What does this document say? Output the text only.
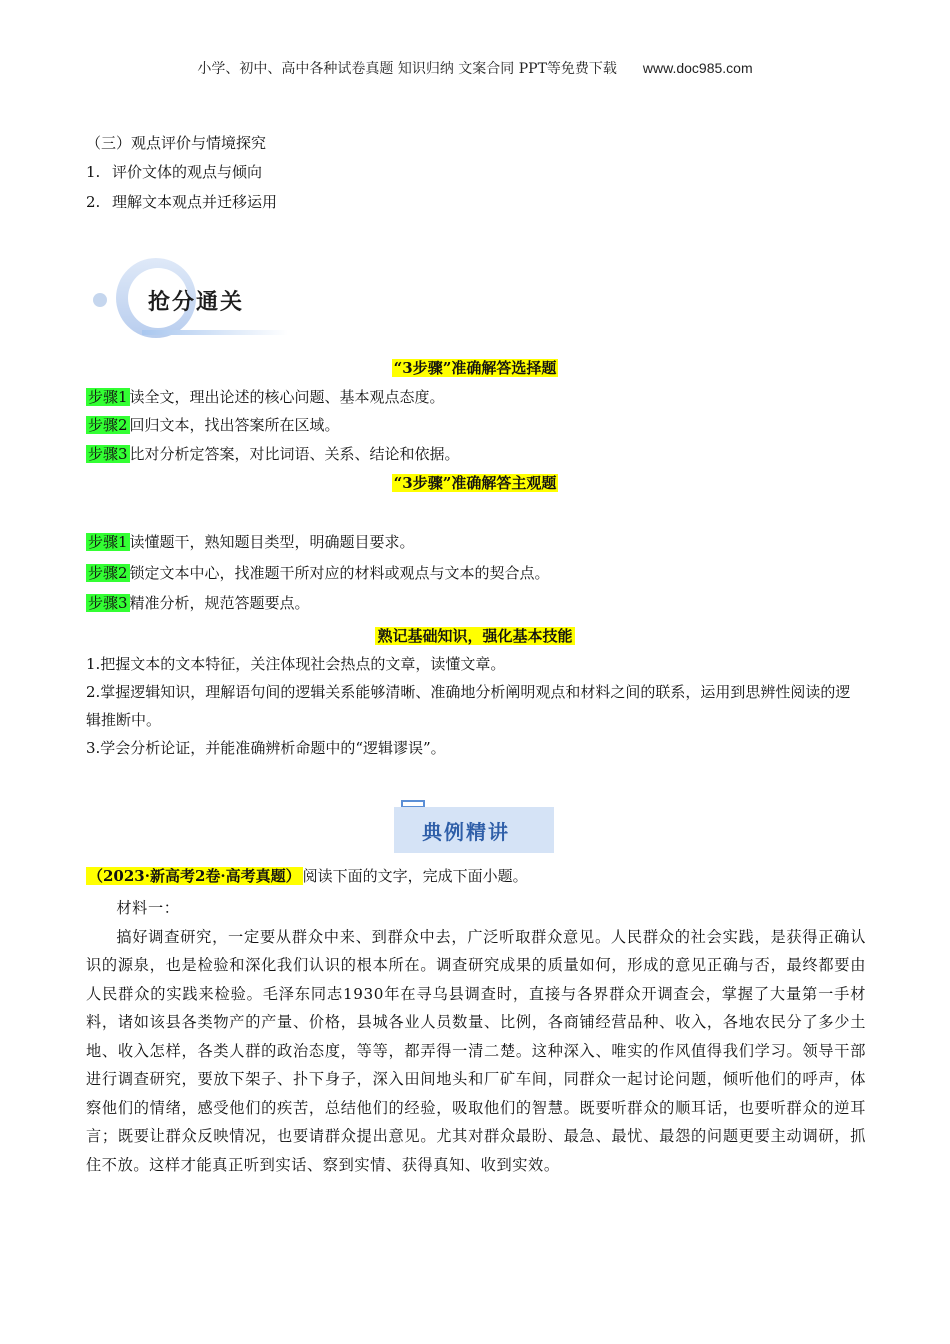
小学、初中、高中各种试卷真题 知识归纳 文案合同 PPT等免费下载 www.doc985.com
（三）观点评价与情境探究
1. 评价文体的观点与倾向
2. 理解文本观点并迁移运用
抢分通关
“3步骤”准确解答选择题
步骤1 读全文，理出论述的核心问题、基本观点态度。
步骤2 回归文本，找出答案所在区域。
步骤3 比对分析定答案，对比词语、关系、结论和依据。
“3步骤”准确解答主观题
步骤1 读懂题干，熟知题目类型，明确题目要求。
步骤2 锁定文本中心，找准题干所对应的材料或观点与文本的契合点。
步骤3 精准分析，规范答题要点。
熟记基础知识，强化基本技能

1.把握文本的文本特征，关注体现社会热点的文章，读懂文章。

2.掌握逻辑知识，理解语句间的逻辑关系能够清晰、准确地分析阐明观点和材料之间的联系，运用到思辨性阅读的逻辑推断中。

3.学会分析论证，并能准确辨析命题中的“逻辑谬误”。

典例精讲
（2023·新高考2卷·高考真题） 阅读下面的文字，完成下面小题。

材料一：

搞好调查研究，一定要从群众中来、到群众中去，广泛听取群众意见。人民群众的社会实践，是获得正确认识的源泉，也是检验和深化我们认识的根本所在。调查研究成果的质量如何，形成的意见正确与否，最终都要由人民群众的实践来检验。毛泽东同志1930年在寻乌县调查时，直接与各界群众开调查会，掌握了大量第一手材料，诸如该县各类物产的产量、价格，县城各业人员数量、比例，各商铺经营品种、收入，各地农民分了多少土地、收入怎样，各类人群的政治态度，等等，都弄得一清二楚。这种深入、唯实的作风值得我们学习。领导干部进行调查研究，要放下架子、扑下身子，深入田间地头和厂矿车间，同群众一起讨论问题，倾听他们的呼声，体察他们的情绪，感受他们的疾苦，总结他们的经验，吸取他们的智慧。既要听群众的顺耳话，也要听群众的逆耳言；既要让群众反映情况，也要请群众提出意见。尤其对群众最盼、最急、最忧、最怨的问题更要主动调研，抓住不放。这样才能真正听到实话、察到实情、获得真知、收到实效。
